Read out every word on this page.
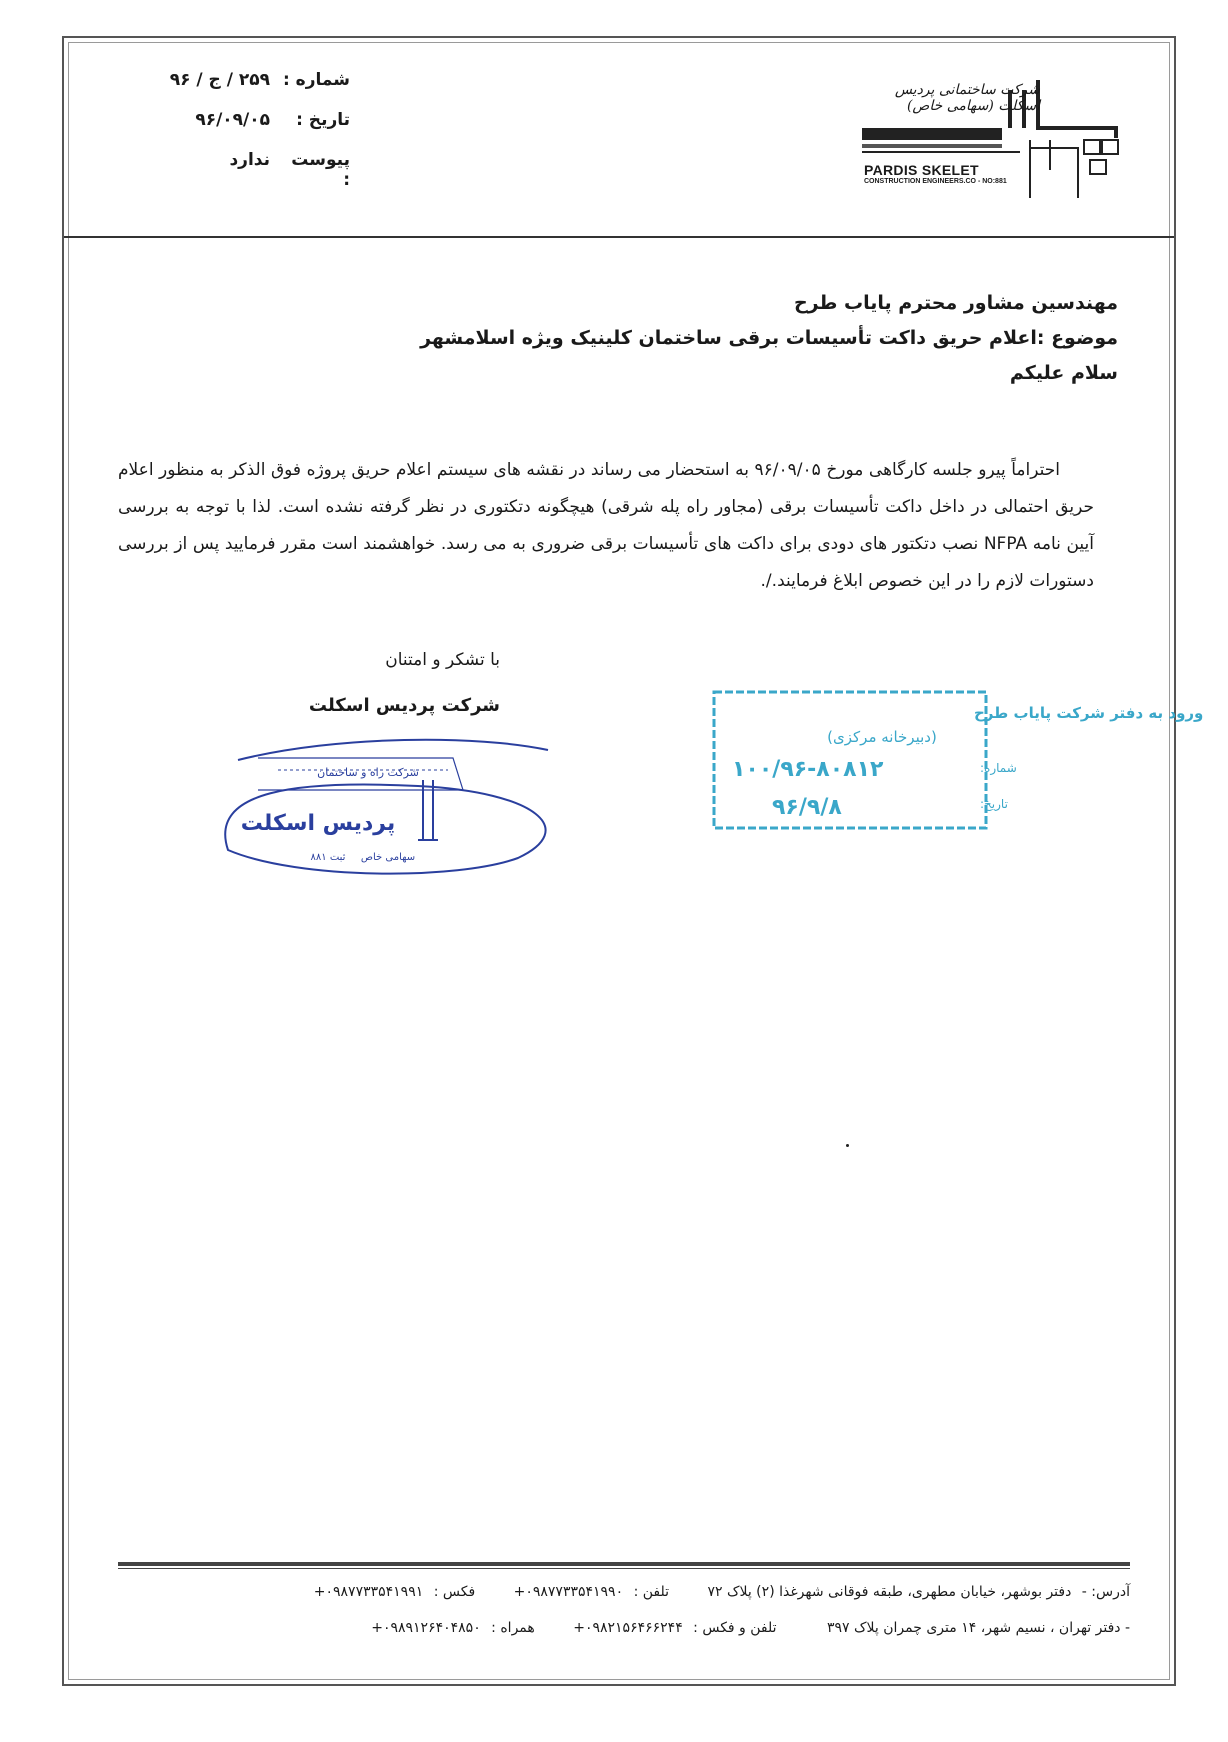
شماره :
۲۵۹ / ج / ۹۶
تاریخ :
۹۶/۰۹/۰۵
پیوست :
ندارد
شرکت ساختمانی پردیس اسکلت (سهامی خاص)
PARDIS SKELET
CONSTRUCTION ENGINEERS.CO - NO:881
مهندسین مشاور محترم پایاب طرح
موضوع :اعلام حریق داکت تأسیسات برقی ساختمان کلینیک ویژه اسلامشهر
سلام علیکم
احتراماً پیرو جلسه کارگاهی مورخ ۹۶/۰۹/۰۵ به استحضار می رساند در نقشه های سیستم اعلام حریق پروژه فوق الذکر به منظور اعلام حریق احتمالی در داخل داکت تأسیسات برقی (مجاور راه پله شرقی) هیچگونه دتکتوری در نظر گرفته نشده است. لذا با توجه به بررسی آیین نامه NFPA نصب دتکتور های دودی برای داکت های تأسیسات برقی ضروری به می رسد. خواهشمند است مقرر فرمایید پس از بررسی دستورات لازم را در این خصوص ابلاغ فرمایند./.
با تشکر و امتنان
شرکت پردیس اسکلت
شرکت راه و ساختمان
پردیس اسکلت
سهامی خاص
ثبت ۸۸۱
ورود به دفتر شرکت پایاب طرح
(دبیرخانه مرکزی)
شماره:
۱۰۰/۹۶-۸۰۸۱۲
تاریخ:
۹۶/۹/۸
آدرس: - دفتر بوشهر، خیابان مطهری، طبقه فوقانی شهرغذا (۲) پلاک ۷۲ تلفن : ۰۹۸۷۷۳۳۵۴۱۹۹۰+ فکس : ۰۹۸۷۷۳۳۵۴۱۹۹۱+
- دفتر تهران ، نسیم شهر، ۱۴ متری چمران پلاک ۳۹۷ تلفن و فکس : ۰۹۸۲۱۵۶۴۶۶۲۴۴+ همراه : ۰۹۸۹۱۲۶۴۰۴۸۵۰+
